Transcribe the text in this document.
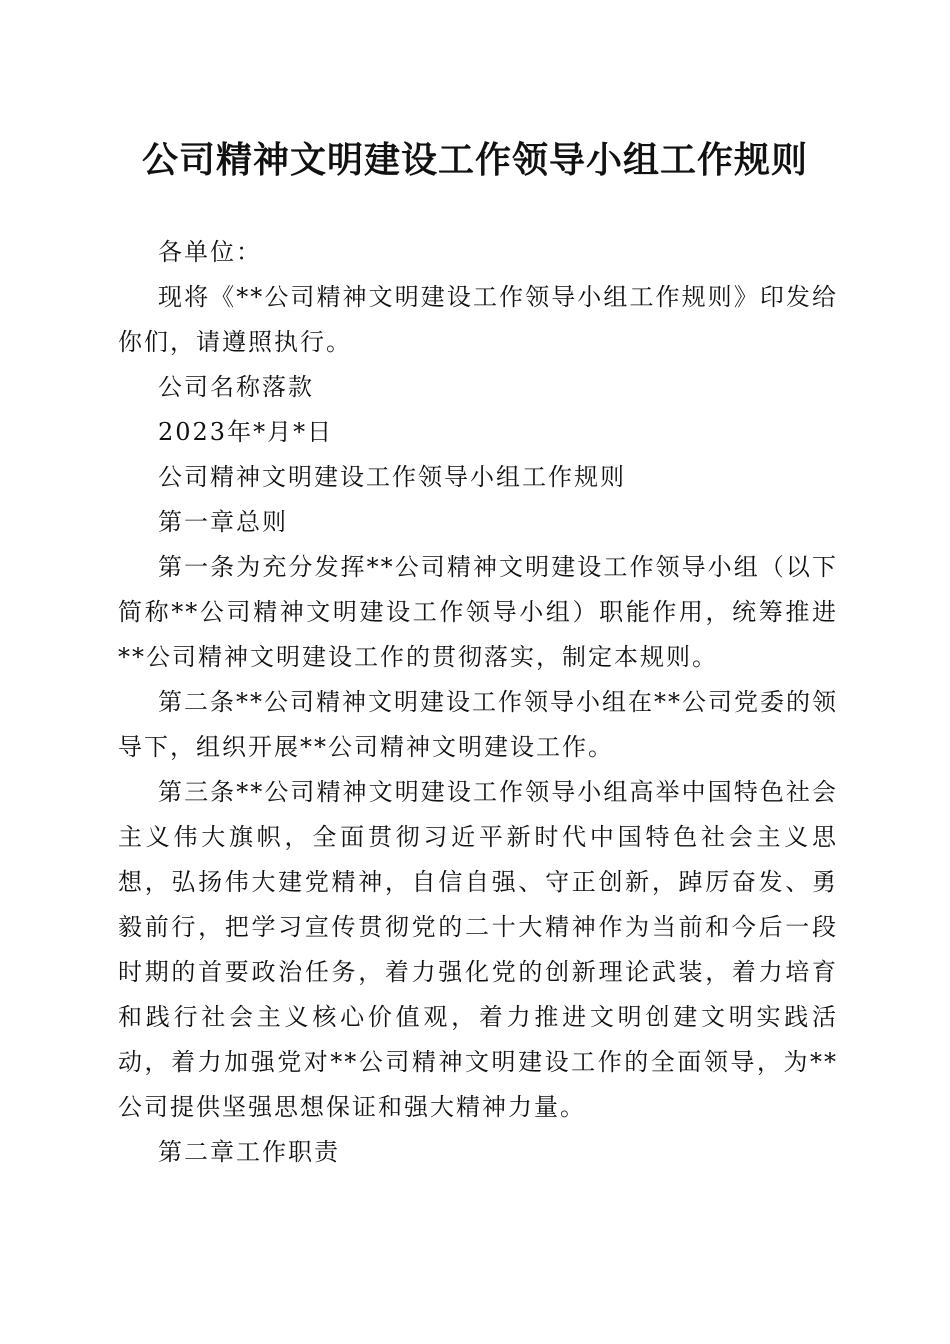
公司精神文明建设工作领导小组工作规则

各单位：

现将《**公司精神文明建设工作领导小组工作规则》印发给你们，请遵照执行。

公司名称落款

2023年*月*日

公司精神文明建设工作领导小组工作规则

第一章总则

第一条为充分发挥**公司精神文明建设工作领导小组（以下简称**公司精神文明建设工作领导小组）职能作用，统筹推进**公司精神文明建设工作的贯彻落实，制定本规则。

第二条**公司精神文明建设工作领导小组在**公司党委的领导下，组织开展**公司精神文明建设工作。

第三条**公司精神文明建设工作领导小组高举中国特色社会主义伟大旗帜，全面贯彻习近平新时代中国特色社会主义思想，弘扬伟大建党精神，自信自强、守正创新，踔厉奋发、勇毅前行，把学习宣传贯彻党的二十大精神作为当前和今后一段时期的首要政治任务，着力强化党的创新理论武装，着力培育和践行社会主义核心价值观，着力推进文明创建文明实践活动，着力加强党对**公司精神文明建设工作的全面领导，为**公司提供坚强思想保证和强大精神力量。

第二章工作职责
